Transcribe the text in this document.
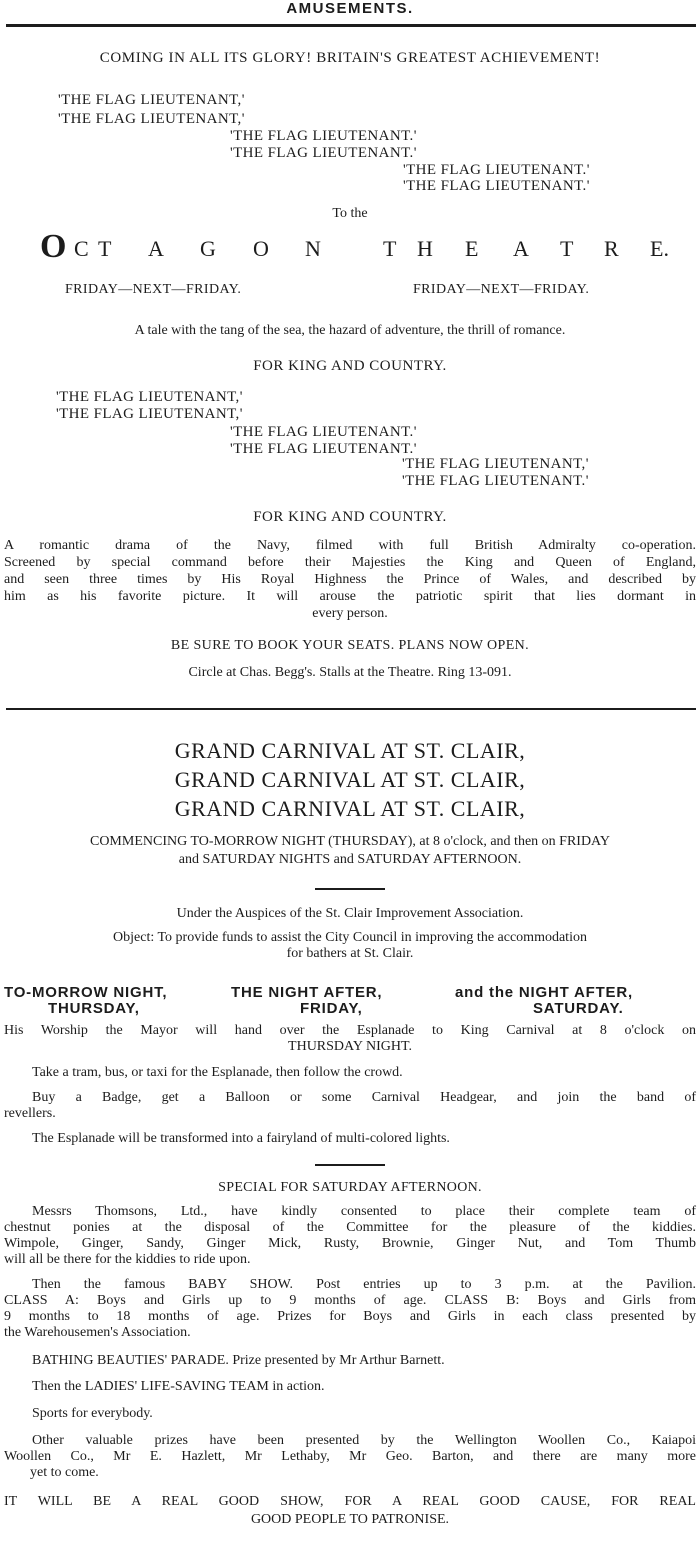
AMUSEMENTS.
COMING IN ALL ITS GLORY! BRITAIN'S GREATEST ACHIEVEMENT!
'THE FLAG LIEUTENANT,'
'THE FLAG LIEUTENANT,'
'THE FLAG LIEUTENANT.'
'THE FLAG LIEUTENANT.'
'THE FLAG LIEUTENANT.'
'THE FLAG LIEUTENANT.'
To the
O C T A G O N	T H E A T R E.
FRIDAY—NEXT—FRIDAY.	FRIDAY—NEXT—FRIDAY.
A tale with the tang of the sea, the hazard of adventure, the thrill of romance.
FOR KING AND COUNTRY.
'THE FLAG LIEUTENANT,'
'THE FLAG LIEUTENANT,'
'THE FLAG LIEUTENANT.'
'THE FLAG LIEUTENANT.'
'THE FLAG LIEUTENANT,'
'THE FLAG LIEUTENANT.'
FOR KING AND COUNTRY.
A romantic drama of the Navy, filmed with full British Admiralty co-operation.
Screened by special command before their Majesties the King and Queen of England,
and seen three times by His Royal Highness the Prince of Wales, and described by
him as his favorite picture. It will arouse the patriotic spirit that lies dormant in
every person.
BE SURE TO BOOK YOUR SEATS. PLANS NOW OPEN.
Circle at Chas. Begg's. Stalls at the Theatre. Ring 13-091.
GRAND CARNIVAL AT ST. CLAIR,
GRAND CARNIVAL AT ST. CLAIR,
GRAND CARNIVAL AT ST. CLAIR,
COMMENCING TO-MORROW NIGHT (THURSDAY), at 8 o'clock, and then on FRIDAY
and SATURDAY NIGHTS and SATURDAY AFTERNOON.
Under the Auspices of the St. Clair Improvement Association.
Object: To provide funds to assist the City Council in improving the accommodation
for bathers at St. Clair.
TO-MORROW NIGHT,
THURSDAY,
THE NIGHT AFTER,
FRIDAY,
and the NIGHT AFTER,
SATURDAY.
His Worship the Mayor will hand over the Esplanade to King Carnival at 8 o'clock on
THURSDAY NIGHT.
Take a tram, bus, or taxi for the Esplanade, then follow the crowd.
Buy a Badge, get a Balloon or some Carnival Headgear, and join the band of
revellers.
The Esplanade will be transformed into a fairyland of multi-colored lights.
SPECIAL FOR SATURDAY AFTERNOON.
Messrs Thomsons, Ltd., have kindly consented to place their complete team of
chestnut ponies at the disposal of the Committee for the pleasure of the kiddies.
Wimpole, Ginger, Sandy, Ginger Mick, Rusty, Brownie, Ginger Nut, and Tom Thumb
will all be there for the kiddies to ride upon.
Then the famous BABY SHOW. Post entries up to 3 p.m. at the Pavilion.
CLASS A: Boys and Girls up to 9 months of age. CLASS B: Boys and Girls from
9 months to 18 months of age. Prizes for Boys and Girls in each class presented by
the Warehousemen's Association.
BATHING BEAUTIES' PARADE. Prize presented by Mr Arthur Barnett.
Then the LADIES' LIFE-SAVING TEAM in action.
Sports for everybody.
Other valuable prizes have been presented by the Wellington Woollen Co., Kaiapoi
Woollen Co., Mr E. Hazlett, Mr Lethaby, Mr Geo. Barton, and there are many more
yet to come.
IT WILL BE A REAL GOOD SHOW, FOR A REAL GOOD CAUSE, FOR REAL
GOOD PEOPLE TO PATRONISE.
